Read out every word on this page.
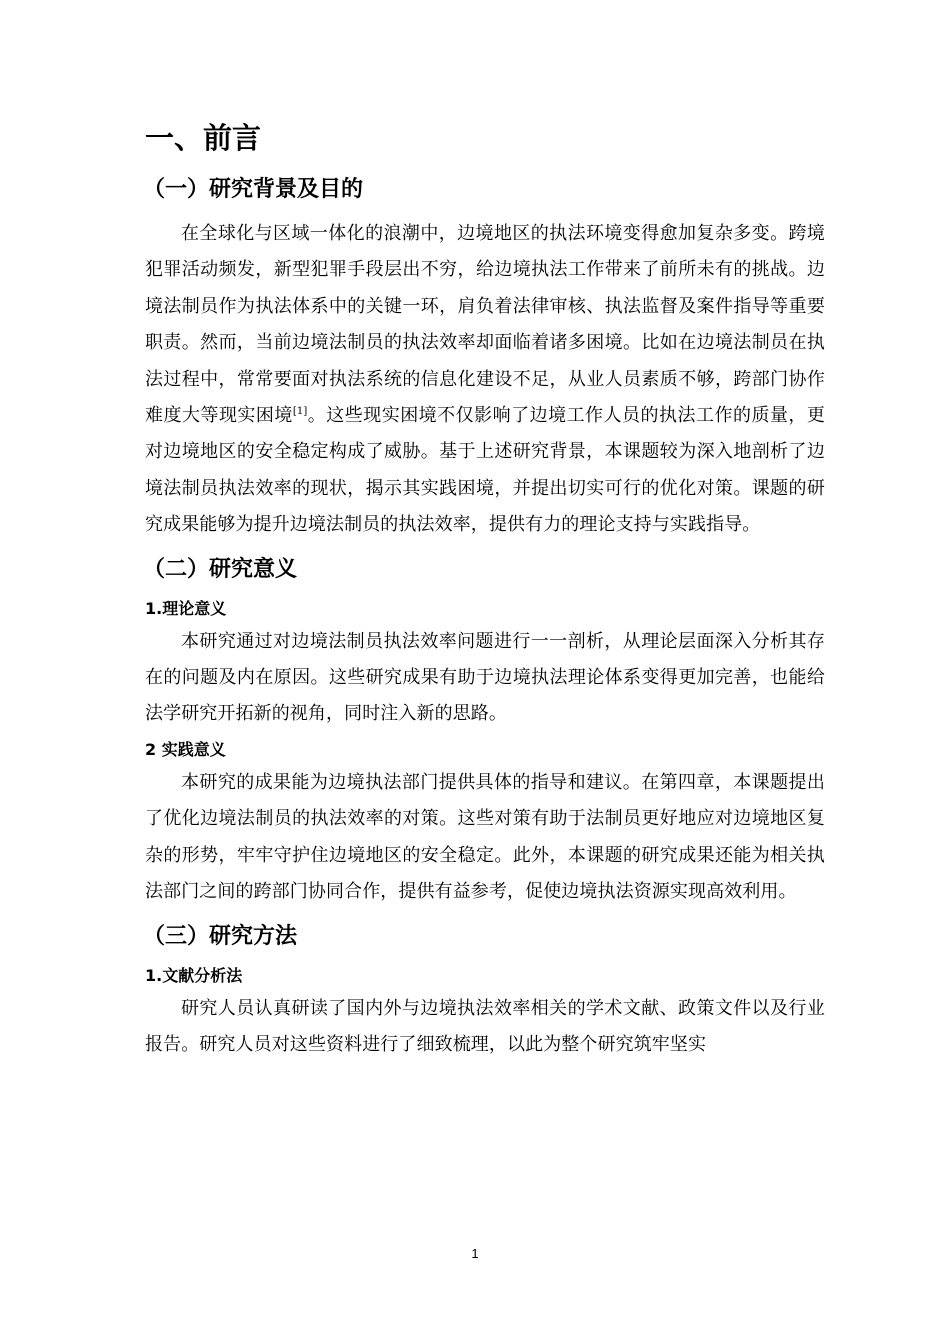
一、前言
（一）研究背景及目的

在全球化与区域一体化的浪潮中，边境地区的执法环境变得愈加复杂多变。跨境犯罪活动频发，新型犯罪手段层出不穷，给边境执法工作带来了前所未有的挑战。边境法制员作为执法体系中的关键一环，肩负着法律审核、执法监督及案件指导等重要职责。然而，当前边境法制员的执法效率却面临着诸多困境。比如在边境法制员在执法过程中，常常要面对执法系统的信息化建设不足，从业人员素质不够，跨部门协作难度大等现实困境[1]。这些现实困境不仅影响了边境工作人员的执法工作的质量，更对边境地区的安全稳定构成了威胁。基于上述研究背景，本课题较为深入地剖析了边境法制员执法效率的现状，揭示其实践困境，并提出切实可行的优化对策。课题的研究成果能够为提升边境法制员的执法效率，提供有力的理论支持与实践指导。

（二）研究意义
1.理论意义

本研究通过对边境法制员执法效率问题进行一一剖析，从理论层面深入分析其存在的问题及内在原因。这些研究成果有助于边境执法理论体系变得更加完善，也能给法学研究开拓新的视角，同时注入新的思路。

2 实践意义

本研究的成果能为边境执法部门提供具体的指导和建议。在第四章，本课题提出了优化边境法制员的执法效率的对策。这些对策有助于法制员更好地应对边境地区复杂的形势，牢牢守护住边境地区的安全稳定。此外，本课题的研究成果还能为相关执法部门之间的跨部门协同合作，提供有益参考，促使边境执法资源实现高效利用。

（三）研究方法
1.文献分析法

研究人员认真研读了国内外与边境执法效率相关的学术文献、政策文件以及行业报告。研究人员对这些资料进行了细致梳理，以此为整个研究筑牢坚实

1
